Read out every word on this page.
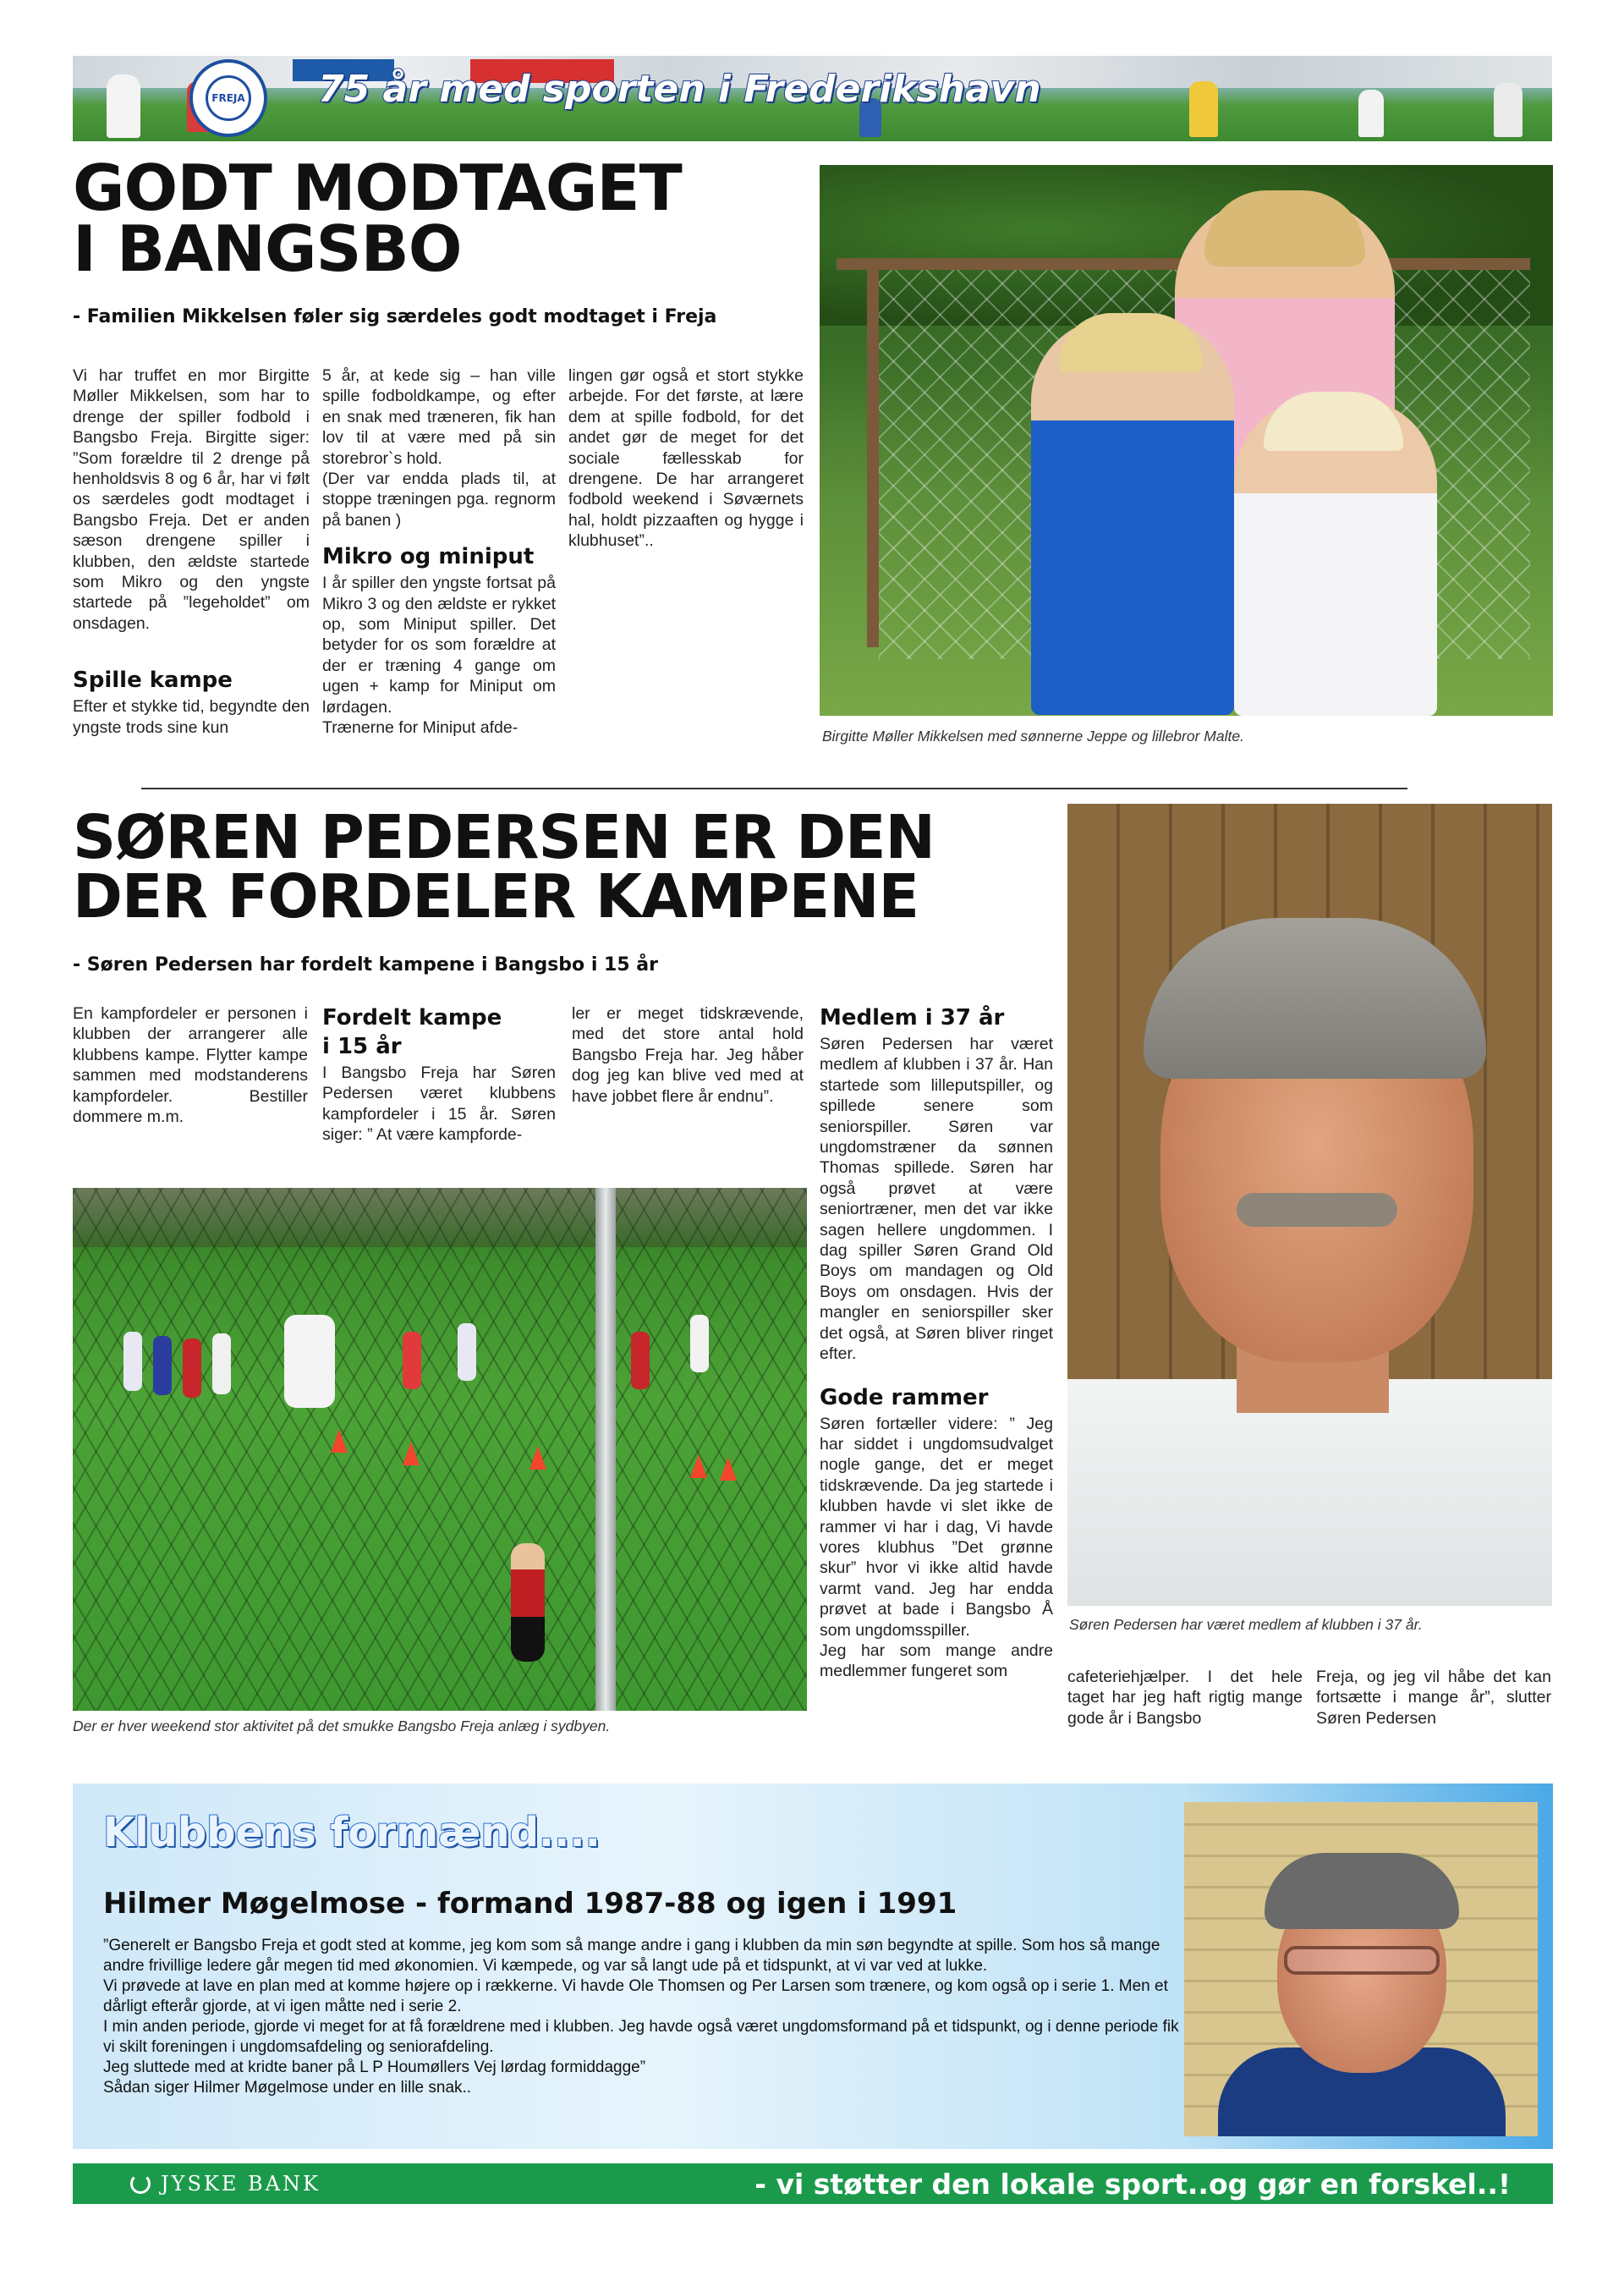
FREJA 75 år med sporten i Frederikshavn
GODT MODTAGET
I BANGSBO
- Familien Mikkelsen føler sig særdeles godt modtaget i Freja

Vi har truffet en mor Birgitte Møller Mikkelsen, som har to drenge der spiller fodbold i Bangsbo Freja. Birgitte siger: ”Som forældre til 2 drenge på henholdsvis 8 og 6 år, har vi følt os særdeles godt modtaget i Bangsbo Freja. Det er anden sæson drengene spiller i klubben, den ældste startede som Mikro og den yngste startede på ”legeholdet” om onsdagen.

Spille kampe

Efter et stykke tid, begyndte den yngste trods sine kun

5 år, at kede sig – han ville spille fodboldkampe, og efter en snak med træneren, fik han lov til at være med på sin storebror`s hold.
(Der var endda plads til, at stoppe træningen pga. regnorm på banen )

Mikro og miniput

I år spiller den yngste fortsat på Mikro 3 og den ældste er rykket op, som Miniput spiller. Det betyder for os som forældre at der er træning 4 gange om ugen + kamp for Miniput om lørdagen.
Trænerne for Miniput afde-

lingen gør også et stort stykke arbejde. For det første, at lære dem at spille fodbold, for det andet gør de meget for det sociale fællesskab for drengene. De har arrangeret fodbold weekend i Søværnets hal, holdt pizzaaften og hygge i klubhuset”..

Birgitte Møller Mikkelsen med sønnerne Jeppe og lillebror Malte.
SØREN PEDERSEN ER DEN
DER FORDELER KAMPENE
- Søren Pedersen har fordelt kampene i Bangsbo i 15 år

En kampfordeler er personen i klubben der arrangerer alle klubbens kampe. Flytter kampe sammen med modstanderens kampfordeler. Bestiller dommere m.m.

Fordelt kampe
i 15 år

I Bangsbo Freja har Søren Pedersen været klubbens kampfordeler i 15 år. Søren siger: ” At være kampforde-

ler er meget tidskrævende, med det store antal hold Bangsbo Freja har. Jeg håber dog jeg kan blive ved med at have jobbet flere år endnu”.

Medlem i 37 år

Søren Pedersen har været medlem af klubben i 37 år. Han startede som lilleputspiller, og spillede senere som seniorspiller. Søren var ungdomstræner da sønnen Thomas spillede. Søren har også prøvet at være seniortræner, men det var ikke sagen hellere ungdommen. I dag spiller Søren Grand Old Boys om mandagen og Old Boys om onsdagen. Hvis der mangler en seniorspiller sker det også, at Søren bliver ringet efter.

Gode rammer

Søren fortæller videre: ” Jeg har siddet i ungdomsudvalget nogle gange, det er meget tidskrævende. Da jeg startede i klubben havde vi slet ikke de rammer vi har i dag, Vi havde vores klubhus ”Det grønne skur” hvor vi ikke altid havde varmt vand. Jeg har endda prøvet at bade i Bangsbo Å som ungdomsspiller.
Jeg har som mange andre medlemmer fungeret som	cafeteriehjælper. I det hele taget har jeg haft rigtig mange gode år i Bangsbo

Freja, og jeg vil håbe det kan fortsætte i mange år”, slutter Søren Pedersen

Der er hver weekend stor aktivitet på det smukke Bangsbo Freja anlæg i sydbyen.
Søren Pedersen har været medlem af klubben i 37 år.
Klubbens formænd....
Hilmer Møgelmose - formand 1987-88 og igen i 1991
”Generelt er Bangsbo Freja et godt sted at komme, jeg kom som så mange andre i gang i klubben da min søn begyndte at spille. Som hos så mange andre frivillige ledere går megen tid med økonomien. Vi kæmpede, og var så langt ude på et tidspunkt, at vi var ved at lukke.
Vi prøvede at lave en plan med at komme højere op i rækkerne. Vi havde Ole Thomsen og Per Larsen som trænere, og kom også op i serie 1. Men et dårligt efterår gjorde, at vi igen måtte ned i serie 2.
I min anden periode, gjorde vi meget for at få forældrene med i klubben. Jeg havde også været ungdomsformand på et tidspunkt, og i denne periode fik vi skilt foreningen i ungdomsafdeling og seniorafdeling.
Jeg sluttede med at kridte baner på L P Houmøllers Vej lørdag formiddagge”
Sådan siger Hilmer Møgelmose under en lille snak..
JYSKE BANK	- vi støtter den lokale sport..og gør en forskel..!
